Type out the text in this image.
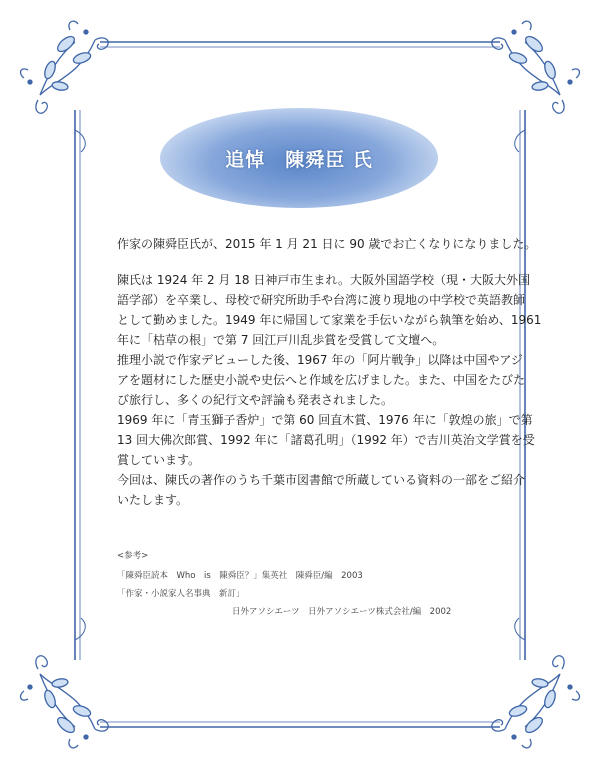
追悼　陳舜臣 氏

作家の陳舜臣氏が、2015 年 1 月 21 日に 90 歳でお亡くなりになりました。

陳氏は 1924 年 2 月 18 日神戸市生まれ。大阪外国語学校（現・大阪大外国
語学部）を卒業し、母校で研究所助手や台湾に渡り現地の中学校で英語教師
として勤めました。1949 年に帰国して家業を手伝いながら執筆を始め、1961
年に「枯草の根」で第 7 回江戸川乱歩賞を受賞して文壇へ。
推理小説で作家デビューした後、1967 年の「阿片戦争」以降は中国やアジ
アを題材にした歴史小説や史伝へと作域を広げました。また、中国をたびた
び旅行し、多くの紀行文や評論も発表されました。
1969 年に「青玉獅子香炉」で第 60 回直木賞、1976 年に「敦煌の旅」で第
13 回大佛次郎賞、1992 年に「諸葛孔明」（1992 年）で吉川英治文学賞を受
賞しています。
今回は、陳氏の著作のうち千葉市図書館で所蔵している資料の一部をご紹介
いたします。

<参考>
「陳舜臣読本　Who　is　陳舜臣？」集英社　陳舜臣/編　2003
「作家・小説家人名事典　新訂」
日外アソシエーツ　日外アソシエーツ株式会社/編　2002
